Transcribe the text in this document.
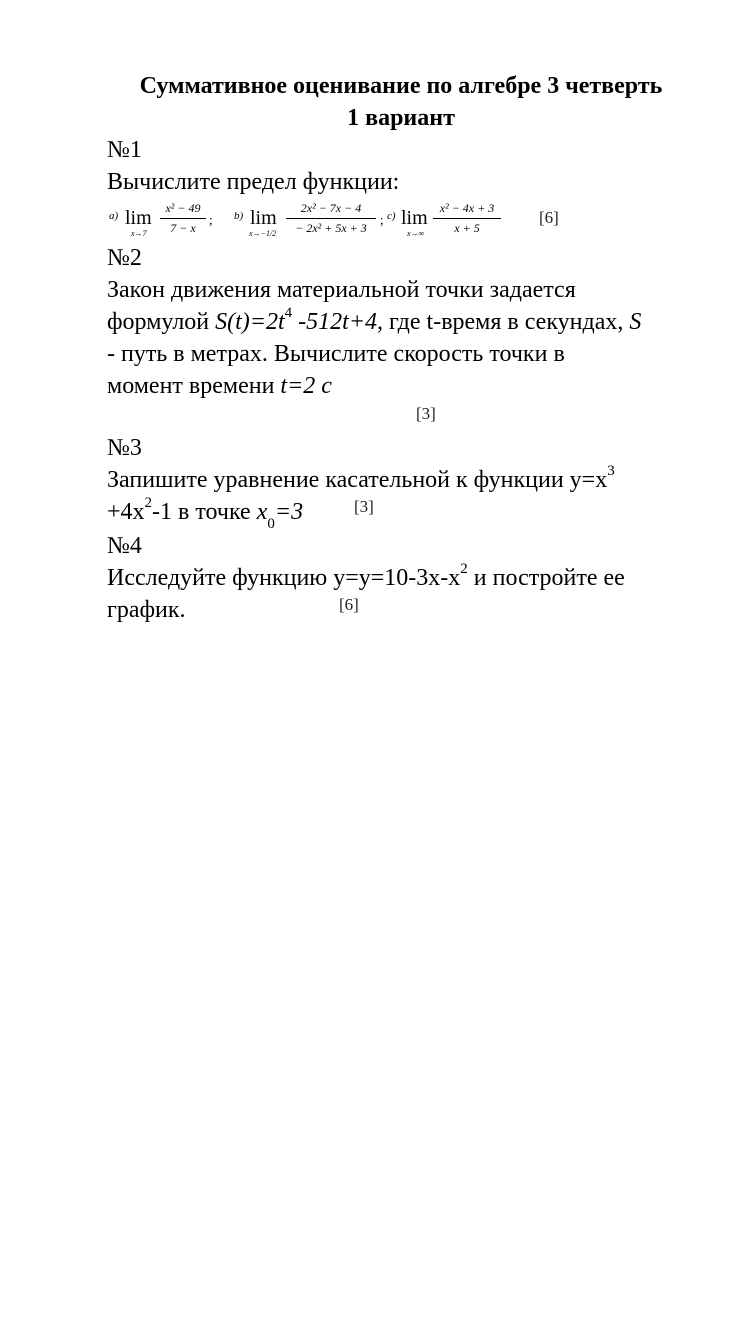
Суммативное оценивание по алгебре 3 четверть
1 вариант
№1
Вычислите предел функции:
a) lim
x→7
x² − 49
7 − x
; b) lim
x→−1/2
2x² − 7x − 4
− 2x² + 5x + 3
; c) lim
x→∞
x² − 4x + 3
x + 5
[6]
№2
Закон движения материальной точки задается
формулой $S(t)=2t^4$ -512t+4, где t-время в секундах, S
- путь в метрах. Вычислите скорость точки в
момент времени t=2 c
[3]
№3
Запишите уравнение касательной к функции $y=x^3$
$+4x^2-1$ в точке $x_0=3$	[3]
№4
Исследуйте функцию $y=y=10-3x-x^2$ и постройте ее
график.	[6]
